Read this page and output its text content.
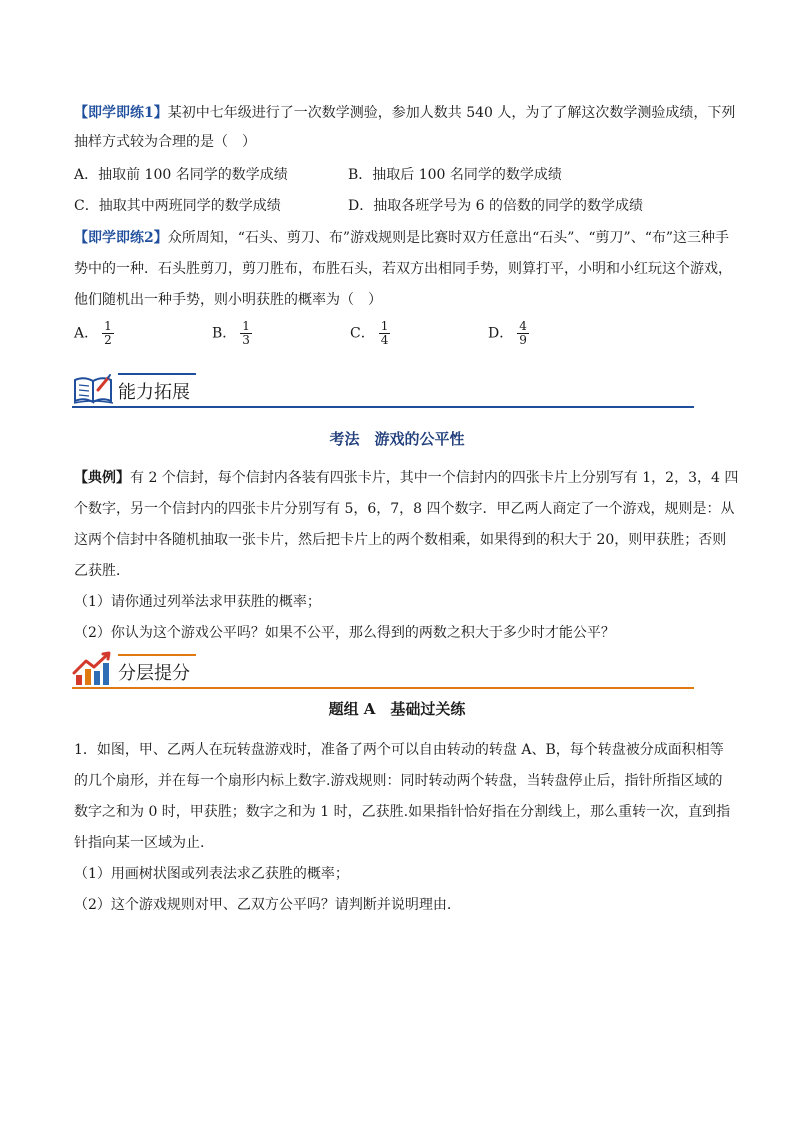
【即学即练1】某初中七年级进行了一次数学测验，参加人数共 540 人，为了了解这次数学测验成绩，下列
抽样方式较为合理的是（　）
A．抽取前 100 名同学的数学成绩	B．抽取后 100 名同学的数学成绩
C．抽取其中两班同学的数学成绩	D．抽取各班学号为 6 的倍数的同学的数学成绩
【即学即练2】众所周知，“石头、剪刀、布”游戏规则是比赛时双方任意出“石头”、“剪刀”、“布”这三种手
势中的一种．石头胜剪刀，剪刀胜布，布胜石头，若双方出相同手势，则算打平，小明和小红玩这个游戏，
他们随机出一种手势，则小明获胜的概率为（　）
A． $\frac{1}{2}$	B． $\frac{1}{3}$	C． $\frac{1}{4}$	D． $\frac{4}{9}$
能力拓展
考法　游戏的公平性
【典例】有 2 个信封，每个信封内各装有四张卡片，其中一个信封内的四张卡片上分别写有 1，2，3，4 四
个数字，另一个信封内的四张卡片分别写有 5，6，7，8 四个数字．甲乙两人商定了一个游戏，规则是：从
这两个信封中各随机抽取一张卡片，然后把卡片上的两个数相乘，如果得到的积大于 20，则甲获胜；否则
乙获胜．
（1）请你通过列举法求甲获胜的概率；
（2）你认为这个游戏公平吗？如果不公平，那么得到的两数之积大于多少时才能公平？
分层提分
题组 A　基础过关练
1．如图，甲、乙两人在玩转盘游戏时，准备了两个可以自由转动的转盘 A、B，每个转盘被分成面积相等
的几个扇形，并在每一个扇形内标上数字.游戏规则：同时转动两个转盘，当转盘停止后，指针所指区域的
数字之和为 0 时，甲获胜；数字之和为 1 时，乙获胜.如果指针恰好指在分割线上，那么重转一次，直到指
针指向某一区域为止.
（1）用画树状图或列表法求乙获胜的概率；
（2）这个游戏规则对甲、乙双方公平吗？请判断并说明理由.
